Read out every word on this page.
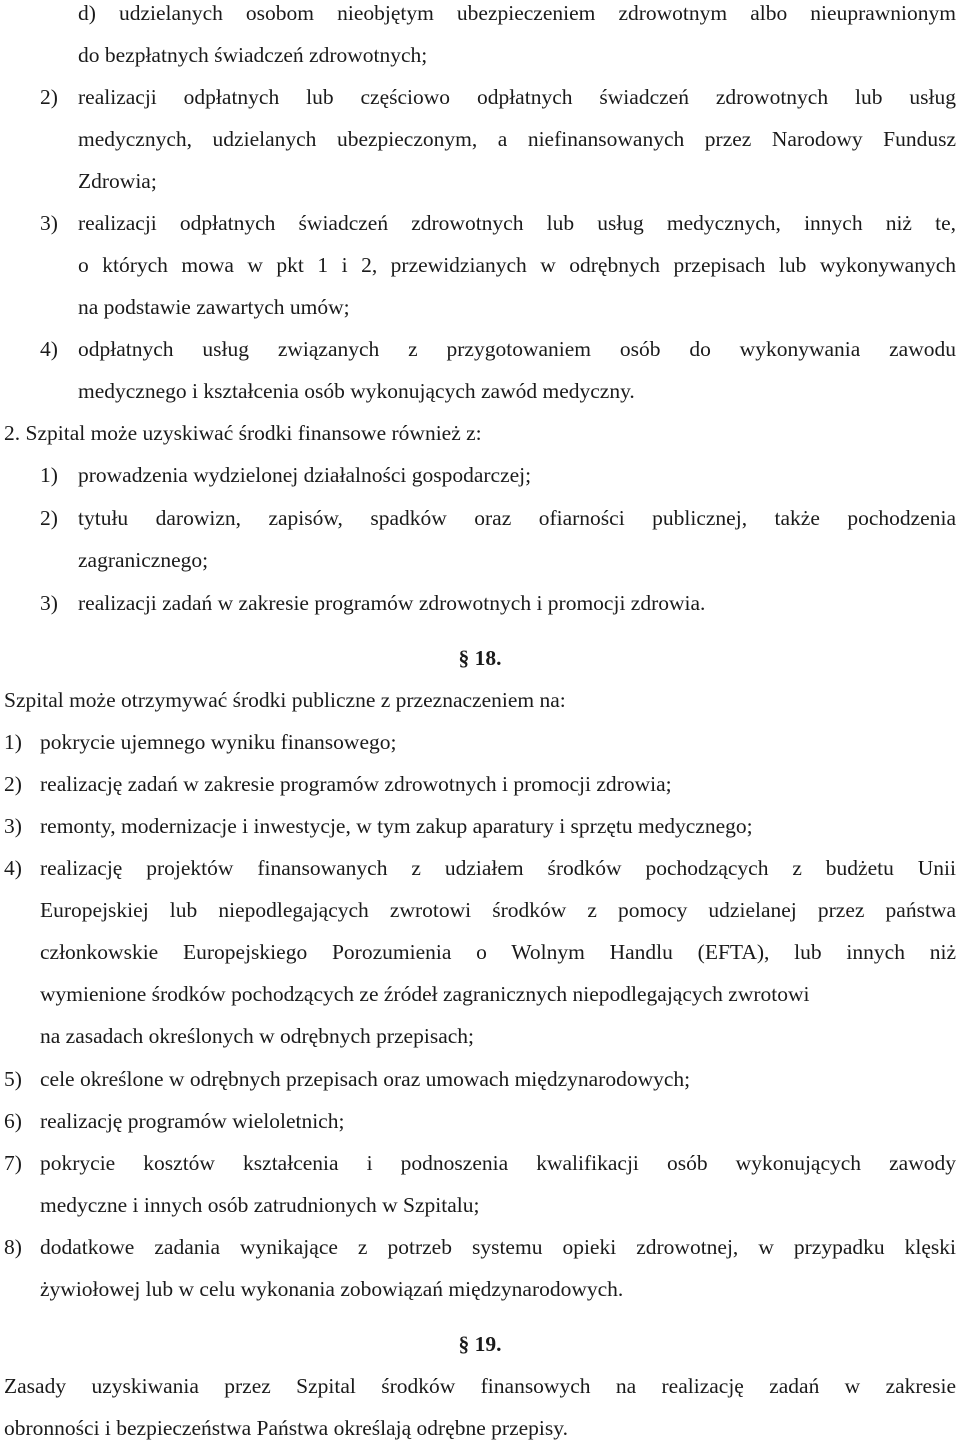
d) udzielanych osobom nieobjętym ubezpieczeniem zdrowotnym albo nieuprawnionym
do bezpłatnych świadczeń zdrowotnych;
2) realizacji odpłatnych lub częściowo odpłatnych świadczeń zdrowotnych lub usług
medycznych, udzielanych ubezpieczonym, a niefinansowanych przez Narodowy Fundusz
Zdrowia;
3) realizacji odpłatnych świadczeń zdrowotnych lub usług medycznych, innych niż te,
o których mowa w pkt 1 i 2, przewidzianych w odrębnych przepisach lub wykonywanych
na podstawie zawartych umów;
4) odpłatnych usług związanych z przygotowaniem osób do wykonywania zawodu
medycznego i kształcenia osób wykonujących zawód medyczny.
2. Szpital może uzyskiwać środki finansowe również z:
1) prowadzenia wydzielonej działalności gospodarczej;
2) tytułu darowizn, zapisów, spadków oraz ofiarności publicznej, także pochodzenia
zagranicznego;
3) realizacji zadań w zakresie programów zdrowotnych i promocji zdrowia.
§ 18.
Szpital może otrzymywać środki publiczne z przeznaczeniem na:
1) pokrycie ujemnego wyniku finansowego;
2) realizację zadań w zakresie programów zdrowotnych i promocji zdrowia;
3) remonty, modernizacje i inwestycje, w tym zakup aparatury i sprzętu medycznego;
4) realizację projektów finansowanych z udziałem środków pochodzących z budżetu Unii
Europejskiej lub niepodlegających zwrotowi środków z pomocy udzielanej przez państwa
członkowskie Europejskiego Porozumienia o Wolnym Handlu (EFTA), lub innych niż
wymienione środków pochodzących ze źródeł zagranicznych niepodlegających zwrotowi
na zasadach określonych w odrębnych przepisach;
5) cele określone w odrębnych przepisach oraz umowach międzynarodowych;
6) realizację programów wieloletnich;
7) pokrycie kosztów kształcenia i podnoszenia kwalifikacji osób wykonujących zawody
medyczne i innych osób zatrudnionych w Szpitalu;
8) dodatkowe zadania wynikające z potrzeb systemu opieki zdrowotnej, w przypadku klęski
żywiołowej lub w celu wykonania zobowiązań międzynarodowych.
§ 19.
Zasady uzyskiwania przez Szpital środków finansowych na realizację zadań w zakresie
obronności i bezpieczeństwa Państwa określają odrębne przepisy.
